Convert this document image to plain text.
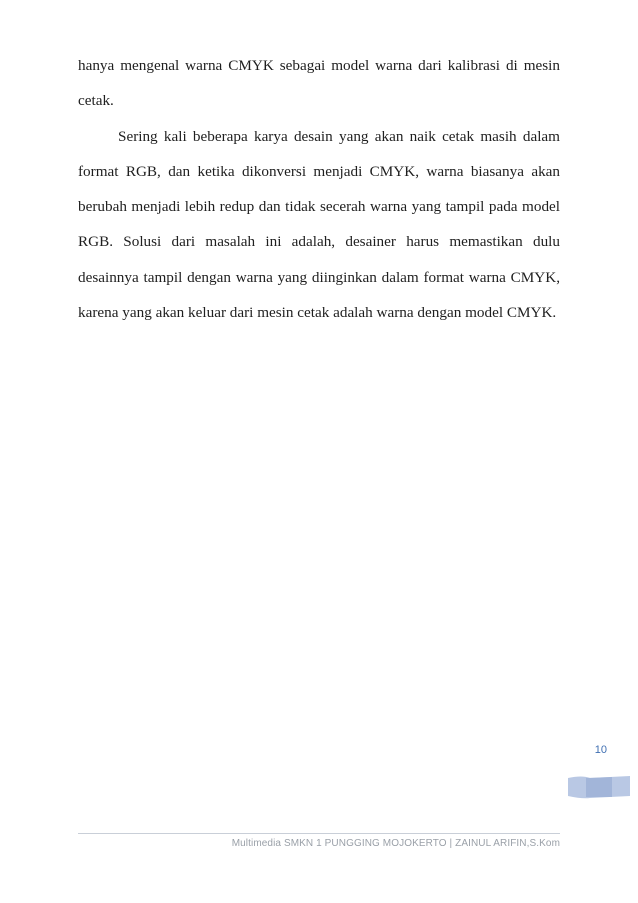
hanya mengenal warna CMYK sebagai model warna dari kalibrasi di mesin cetak.

Sering kali beberapa karya desain yang akan naik cetak masih dalam format RGB, dan ketika dikonversi menjadi CMYK, warna biasanya akan berubah menjadi lebih redup dan tidak secerah warna yang tampil pada model RGB. Solusi dari masalah ini adalah, desainer harus memastikan dulu desainnya tampil dengan warna yang diinginkan dalam format warna CMYK, karena yang akan keluar dari mesin cetak adalah warna dengan model CMYK.

10
Multimedia SMKN 1 PUNGGING MOJOKERTO | ZAINUL ARIFIN,S.Kom
